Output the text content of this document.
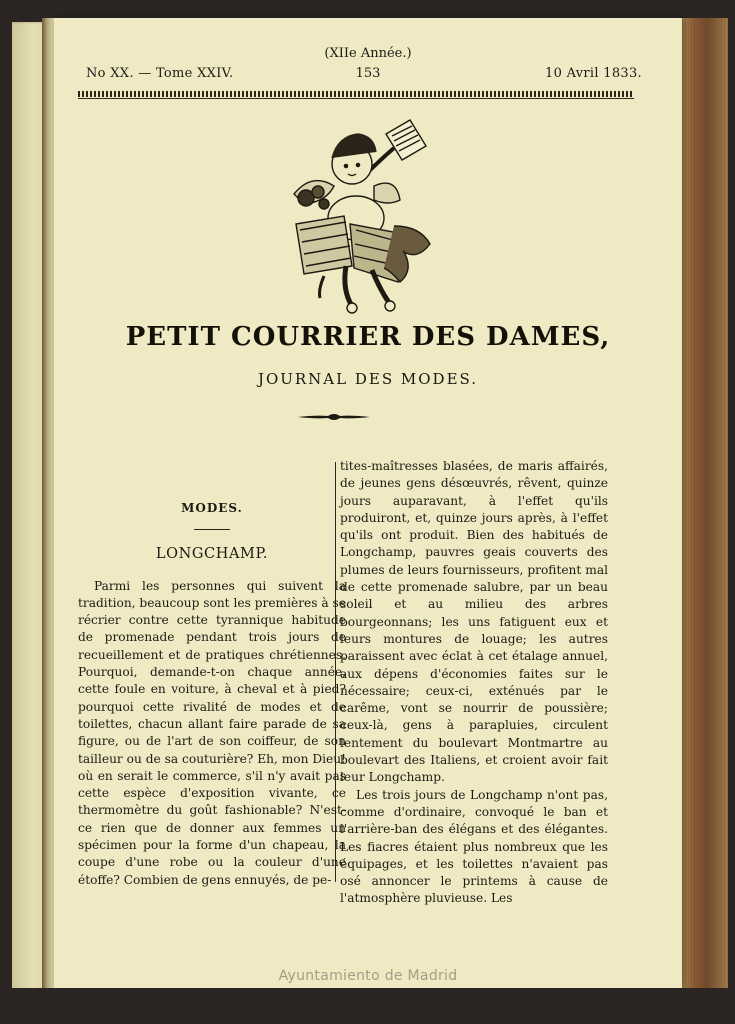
(XIIe Année.)
No XX. — Tome XXIV.	10 Avril 1833.
153
PETIT COURRIER DES DAMES,
JOURNAL DES MODES.
MODES.
LONGCHAMP.

Parmi les personnes qui suivent la tradition, beaucoup sont les premières à se récrier contre cette tyrannique habitude de promenade pendant trois jours de recueillement et de pratiques chrétiennes. Pourquoi, demande-t-on chaque année, cette foule en voiture, à cheval et à pied? pourquoi cette rivalité de modes et de toilettes, chacun allant faire parade de sa figure, ou de l'art de son coiffeur, de son tailleur ou de sa couturière? Eh, mon Dieu! où en serait le commerce, s'il n'y avait pas cette espèce d'exposition vivante, ce thermomètre du goût fashionable? N'est-ce rien que de donner aux femmes un spécimen pour la forme d'un chapeau, la coupe d'une robe ou la couleur d'une étoffe? Combien de gens ennuyés, de pe-

tites-maîtresses blasées, de maris affairés, de jeunes gens désœuvrés, rêvent, quinze jours auparavant, à l'effet qu'ils produiront, et, quinze jours après, à l'effet qu'ils ont produit. Bien des habitués de Longchamp, pauvres geais couverts des plumes de leurs fournisseurs, profitent mal de cette promenade salubre, par un beau soleil et au milieu des arbres bourgeonnans; les uns fatiguent eux et leurs montures de louage; les autres paraissent avec éclat à cet étalage annuel, aux dépens d'économies faites sur le nécessaire; ceux-ci, exténués par le carême, vont se nourrir de poussière; ceux-là, gens à parapluies, circulent lentement du boulevart Montmartre au boulevart des Italiens, et croient avoir fait leur Longchamp.

Les trois jours de Longchamp n'ont pas, comme d'ordinaire, convoqué le ban et l'arrière-ban des élégans et des élégantes. Les fiacres étaient plus nombreux que les équipages, et les toilettes n'avaient pas osé annoncer le printems à cause de l'atmosphère pluvieuse. Les

Ayuntamiento de Madrid
